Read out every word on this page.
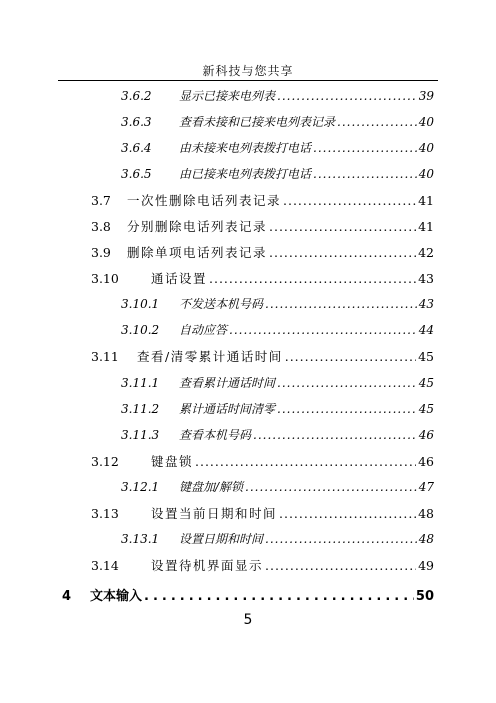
新科技与您共享
3.6.2	显示已接来电列表 .....	39
3.6.3	查看未接和已接来电列表记录 .....	40
3.6.4	由未接来电列表拨打电话 .....	40
3.6.5	由已接来电列表拨打电话 .....	40
3.7	一次性删除电话列表记录 .....	41
3.8	分别删除电话列表记录 .....	41
3.9	删除单项电话列表记录 .....	42
3.10	通话设置 .....	43
3.10.1	不发送本机号码 .....	43
3.10.2	自动应答 .....	44
3.11	查看/清零累计通话时间 .....	45
3.11.1	查看累计通话时间 .....	45
3.11.2	累计通话时间清零 .....	45
3.11.3	查看本机号码 .....	46
3.12	键盘锁 .....	46
3.12.1	键盘加/解锁 .....	47
3.13	设置当前日期和时间 .....	48
3.13.1	设置日期和时间 .....	48
3.14	设置待机界面显示 .....	49
4	文本输入 .....	50
5
